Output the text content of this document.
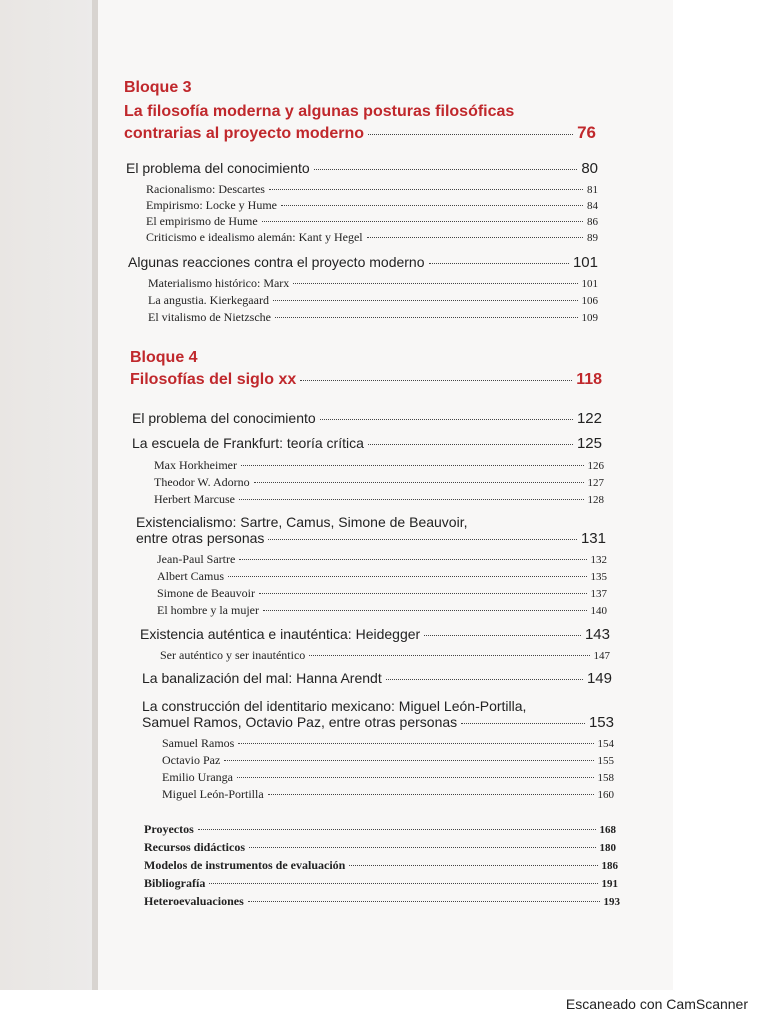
Bloque 3
La filosofía moderna y algunas posturas filosóficas
contrarias al proyecto moderno	76
El problema del conocimiento	80
Racionalismo: Descartes	81
Empirismo: Locke y Hume	84
El empirismo de Hume	86
Criticismo e idealismo alemán: Kant y Hegel	89
Algunas reacciones contra el proyecto moderno	101
Materialismo histórico: Marx	101
La angustia. Kierkegaard	106
El vitalismo de Nietzsche	109
Bloque 4
Filosofías del siglo xx	118
El problema del conocimiento	122
La escuela de Frankfurt: teoría crítica	125
Max Horkheimer	126
Theodor W. Adorno	127
Herbert Marcuse	128
Existencialismo: Sartre, Camus, Simone de Beauvoir,
entre otras personas	131
Jean-Paul Sartre	132
Albert Camus	135
Simone de Beauvoir	137
El hombre y la mujer	140
Existencia auténtica e inauténtica: Heidegger	143
Ser auténtico y ser inauténtico	147
La banalización del mal: Hanna Arendt	149
La construcción del identitario mexicano: Miguel León-Portilla,
Samuel Ramos, Octavio Paz, entre otras personas	153
Samuel Ramos	154
Octavio Paz	155
Emilio Uranga	158
Miguel León-Portilla	160
Proyectos	168
Recursos didácticos	180
Modelos de instrumentos de evaluación	186
Bibliografía	191
Heteroevaluaciones	193
Escaneado con CamScanner
